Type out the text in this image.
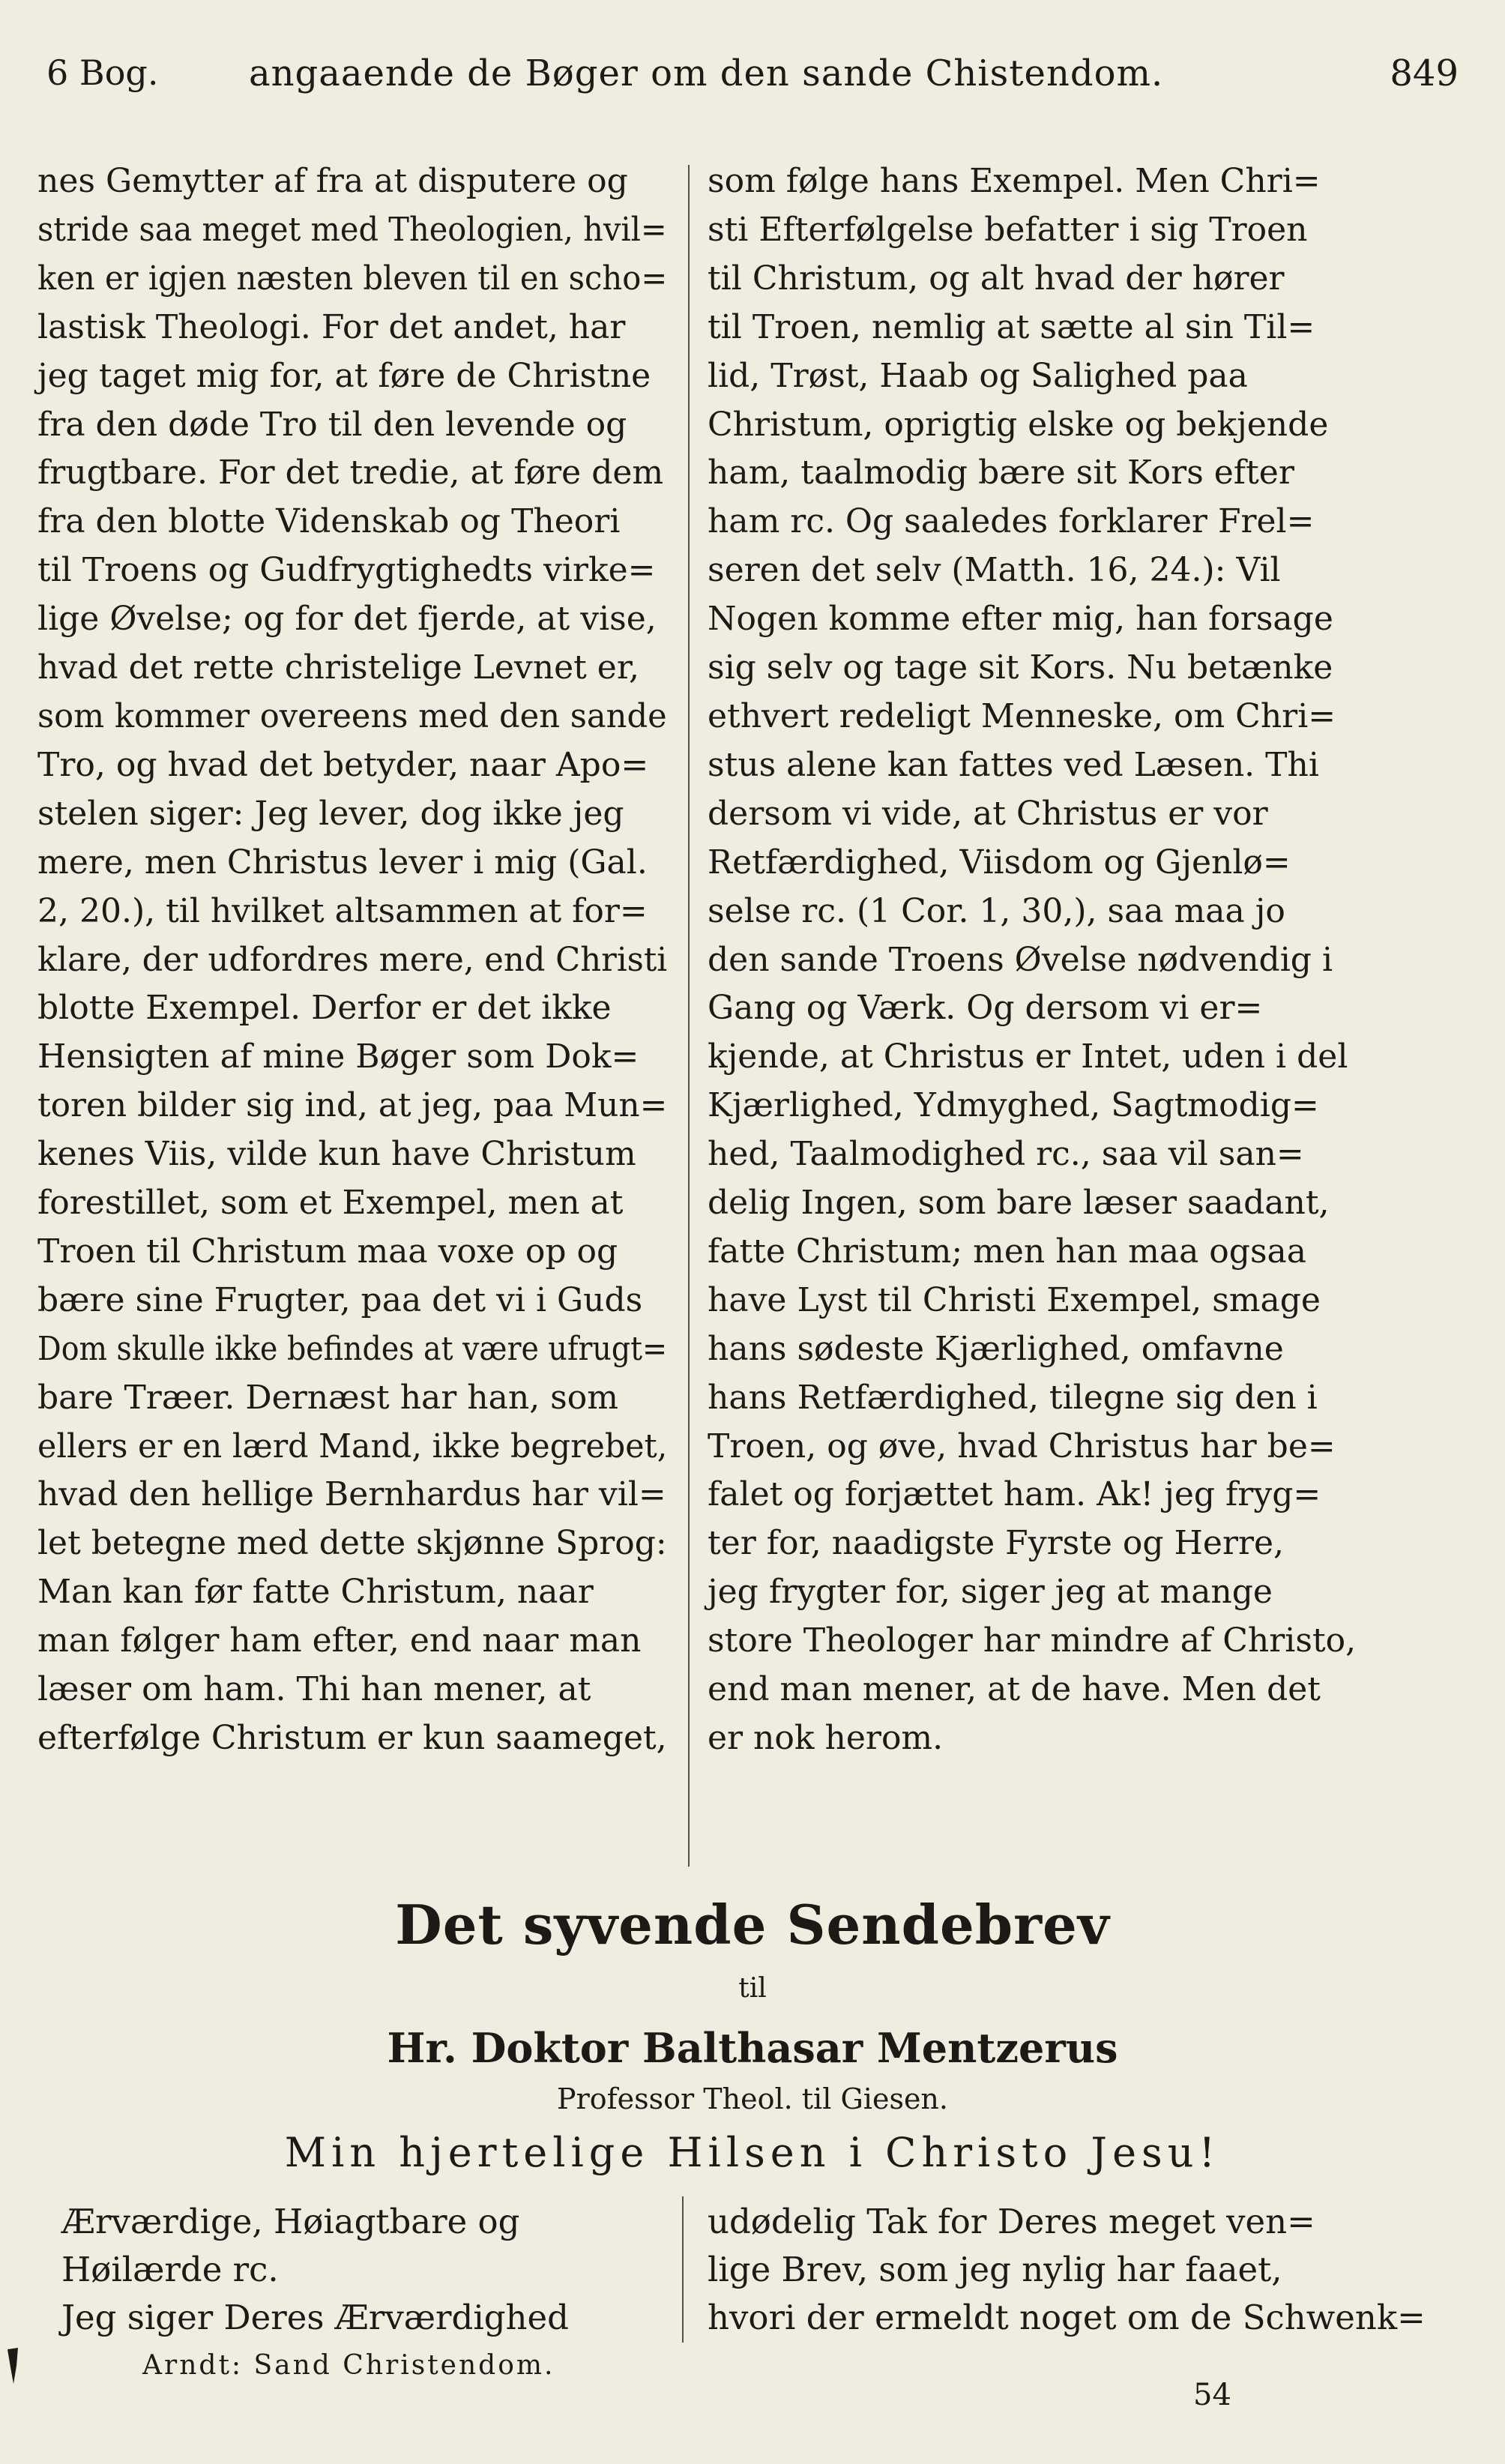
6 Bog.	angaaende de Bøger om den sande Chistendom.	849

nes Gemytter af fra at disputere og

stride saa meget med Theologien, hvil=

ken er igjen næsten bleven til en scho=

lastisk Theologi. For det andet, har

jeg taget mig for, at føre de Christne

fra den døde Tro til den levende og

frugtbare. For det tredie, at føre dem

fra den blotte Videnskab og Theori

til Troens og Gudfrygtighedts virke=

lige Øvelse; og for det fjerde, at vise,

hvad det rette christelige Levnet er,

som kommer overeens med den sande

Tro, og hvad det betyder, naar Apo=

stelen siger: Jeg lever, dog ikke jeg

mere, men Christus lever i mig (Gal.

2, 20.), til hvilket altsammen at for=

klare, der udfordres mere, end Christi

blotte Exempel. Derfor er det ikke

Hensigten af mine Bøger som Dok=

toren bilder sig ind, at jeg, paa Mun=

kenes Viis, vilde kun have Christum

forestillet, som et Exempel, men at

Troen til Christum maa voxe op og

bære sine Frugter, paa det vi i Guds

Dom skulle ikke befindes at være ufrugt=

bare Træer. Dernæst har han, som

ellers er en lærd Mand, ikke begrebet,

hvad den hellige Bernhardus har vil=

let betegne med dette skjønne Sprog:

Man kan før fatte Christum, naar

man følger ham efter, end naar man

læser om ham. Thi han mener, at

efterfølge Christum er kun saameget,

som følge hans Exempel. Men Chri=

sti Efterfølgelse befatter i sig Troen

til Christum, og alt hvad der hører

til Troen, nemlig at sætte al sin Til=

lid, Trøst, Haab og Salighed paa

Christum, oprigtig elske og bekjende

ham, taalmodig bære sit Kors efter

ham rc. Og saaledes forklarer Frel=

seren det selv (Matth. 16, 24.): Vil

Nogen komme efter mig, han forsage

sig selv og tage sit Kors. Nu betænke

ethvert redeligt Menneske, om Chri=

stus alene kan fattes ved Læsen. Thi

dersom vi vide, at Christus er vor

Retfærdighed, Viisdom og Gjenlø=

selse rc. (1 Cor. 1, 30,), saa maa jo

den sande Troens Øvelse nødvendig i

Gang og Værk. Og dersom vi er=

kjende, at Christus er Intet, uden i del

Kjærlighed, Ydmyghed, Sagtmodig=

hed, Taalmodighed rc., saa vil san=

delig Ingen, som bare læser saadant,

fatte Christum; men han maa ogsaa

have Lyst til Christi Exempel, smage

hans sødeste Kjærlighed, omfavne

hans Retfærdighed, tilegne sig den i

Troen, og øve, hvad Christus har be=

falet og forjættet ham. Ak! jeg fryg=

ter for, naadigste Fyrste og Herre,

jeg frygter for, siger jeg at mange

store Theologer har mindre af Christo,

end man mener, at de have. Men det

er nok herom.

Det syvende Sendebrev
til
Hr. Doktor Balthasar Mentzerus
Professor Theol. til Giesen.
Min hjertelige Hilsen i Christo Jesu!

Ærværdige, Høiagtbare og

Høilærde rc.

Jeg siger Deres Ærværdighed

udødelig Tak for Deres meget ven=

lige Brev, som jeg nylig har faaet,

hvori der ermeldt noget om de Schwenk=

Arndt: Sand Christendom.
54
